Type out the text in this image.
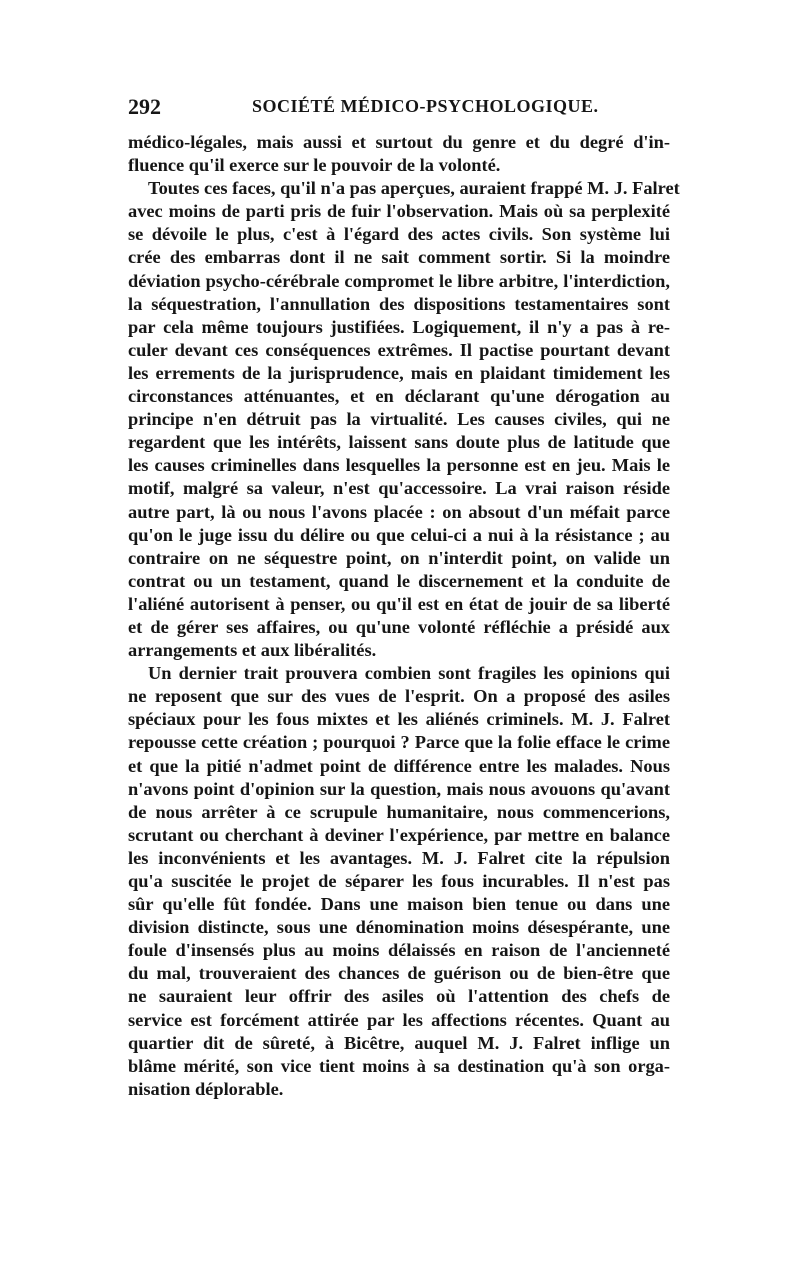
292	SOCIÉTÉ MÉDICO-PSYCHOLOGIQUE.
médico-légales, mais aussi et surtout du genre et du degré d'in-
fluence qu'il exerce sur le pouvoir de la volonté.
Toutes ces faces, qu'il n'a pas aperçues, auraient frappé M. J. Falret
avec moins de parti pris de fuir l'observation. Mais où sa perplexité
se dévoile le plus, c'est à l'égard des actes civils. Son système lui
crée des embarras dont il ne sait comment sortir. Si la moindre
déviation psycho-cérébrale compromet le libre arbitre, l'interdiction,
la séquestration, l'annullation des dispositions testamentaires sont
par cela même toujours justifiées. Logiquement, il n'y a pas à re-
culer devant ces conséquences extrêmes. Il pactise pourtant devant
les errements de la jurisprudence, mais en plaidant timidement les
circonstances atténuantes, et en déclarant qu'une dérogation au
principe n'en détruit pas la virtualité. Les causes civiles, qui ne
regardent que les intérêts, laissent sans doute plus de latitude que
les causes criminelles dans lesquelles la personne est en jeu. Mais le
motif, malgré sa valeur, n'est qu'accessoire. La vrai raison réside
autre part, là ou nous l'avons placée : on absout d'un méfait parce
qu'on le juge issu du délire ou que celui-ci a nui à la résistance ; au
contraire on ne séquestre point, on n'interdit point, on valide un
contrat ou un testament, quand le discernement et la conduite de
l'aliéné autorisent à penser, ou qu'il est en état de jouir de sa liberté
et de gérer ses affaires, ou qu'une volonté réfléchie a présidé aux
arrangements et aux libéralités.
Un dernier trait prouvera combien sont fragiles les opinions qui
ne reposent que sur des vues de l'esprit. On a proposé des asiles
spéciaux pour les fous mixtes et les aliénés criminels. M. J. Falret
repousse cette création ; pourquoi ? Parce que la folie efface le crime
et que la pitié n'admet point de différence entre les malades. Nous
n'avons point d'opinion sur la question, mais nous avouons qu'avant
de nous arrêter à ce scrupule humanitaire, nous commencerions,
scrutant ou cherchant à deviner l'expérience, par mettre en balance
les inconvénients et les avantages. M. J. Falret cite la répulsion
qu'a suscitée le projet de séparer les fous incurables. Il n'est pas
sûr qu'elle fût fondée. Dans une maison bien tenue ou dans une
division distincte, sous une dénomination moins désespérante, une
foule d'insensés plus au moins délaissés en raison de l'ancienneté
du mal, trouveraient des chances de guérison ou de bien-être que
ne sauraient leur offrir des asiles où l'attention des chefs de
service est forcément attirée par les affections récentes. Quant au
quartier dit de sûreté, à Bicêtre, auquel M. J. Falret inflige un
blâme mérité, son vice tient moins à sa destination qu'à son orga-
nisation déplorable.
